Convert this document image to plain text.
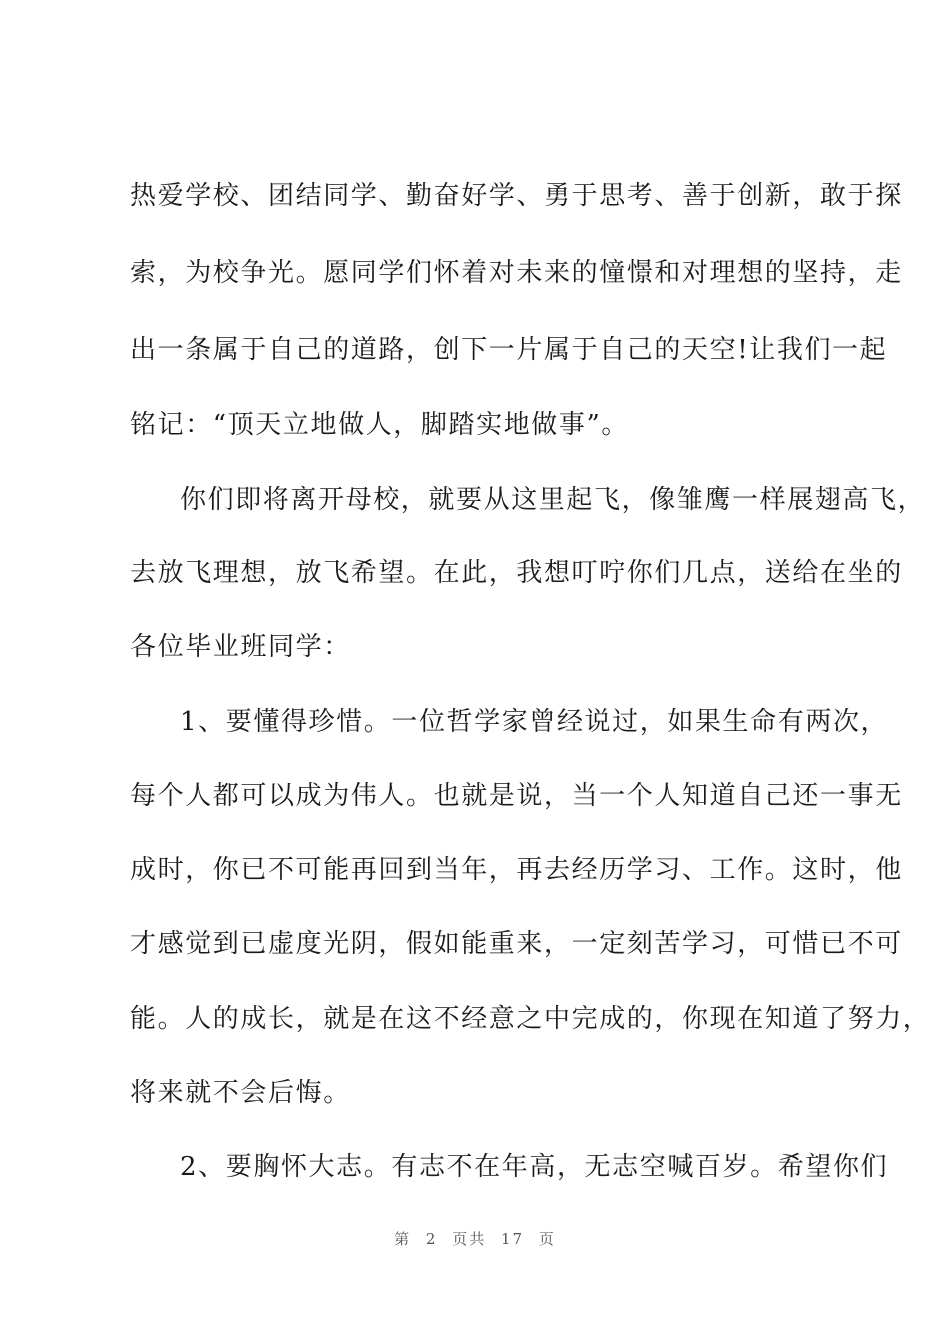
热爱学校、团结同学、勤奋好学、勇于思考、善于创新，敢于探
索，为校争光。愿同学们怀着对未来的憧憬和对理想的坚持，走
出一条属于自己的道路，创下一片属于自己的天空!让我们一起
铭记：“顶天立地做人，脚踏实地做事”。
你们即将离开母校，就要从这里起飞，像雏鹰一样展翅高飞，
去放飞理想，放飞希望。在此，我想叮咛你们几点，送给在坐的
各位毕业班同学：
1、要懂得珍惜。一位哲学家曾经说过，如果生命有两次，
每个人都可以成为伟人。也就是说，当一个人知道自己还一事无
成时，你已不可能再回到当年，再去经历学习、工作。这时，他
才感觉到已虚度光阴，假如能重来，一定刻苦学习，可惜已不可
能。人的成长，就是在这不经意之中完成的，你现在知道了努力，
将来就不会后悔。
2、要胸怀大志。有志不在年高，无志空喊百岁。希望你们
第 2 页共 17 页
